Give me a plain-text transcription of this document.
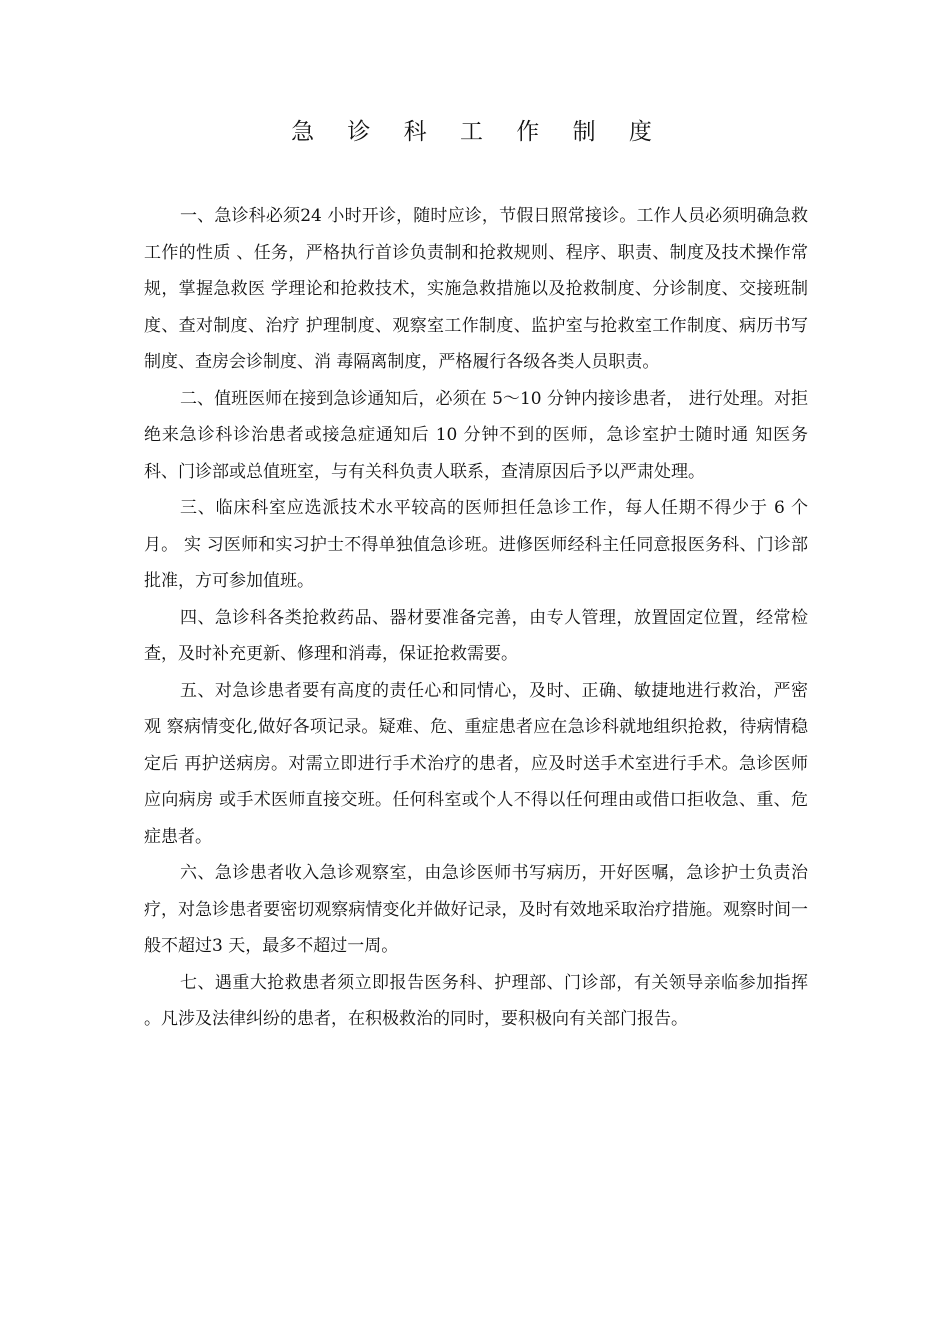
急 诊 科 工 作 制 度

一、急诊科必须24 小时开诊，随时应诊，节假日照常接诊。工作人员必须明确急救 工作的性质 、任务，严格执行首诊负责制和抢救规则、程序、职责、制度及技术操作常规，掌握急救医 学理论和抢救技术，实施急救措施以及抢救制度、分诊制度、交接班制度、查对制度、治疗 护理制度、观察室工作制度、监护室与抢救室工作制度、病历书写制度、查房会诊制度、消 毒隔离制度，严格履行各级各类人员职责。

二、值班医师在接到急诊通知后，必须在 5～10 分钟内接诊患者， 进行处理。对拒绝来急诊科诊治患者或接急症通知后 10 分钟不到的医师，急诊室护士随时通 知医务科、门诊部或总值班室，与有关科负责人联系，查清原因后予以严肃处理。

三、临床科室应选派技术水平较高的医师担任急诊工作，每人任期不得少于 6 个月。 实 习医师和实习护士不得单独值急诊班。进修医师经科主任同意报医务科、门诊部批准，方可参加值班。

四、急诊科各类抢救药品、器材要准备完善，由专人管理，放置固定位置，经常检 查，及时补充更新、修理和消毒，保证抢救需要。

五、对急诊患者要有高度的责任心和同情心，及时、正确、敏捷地进行救治，严密 观 察病情变化,做好各项记录。疑难、危、重症患者应在急诊科就地组织抢救，待病情稳定后 再护送病房。对需立即进行手术治疗的患者，应及时送手术室进行手术。急诊医师应向病房 或手术医师直接交班。任何科室或个人不得以任何理由或借口拒收急、重、危症患者。

六、急诊患者收入急诊观察室，由急诊医师书写病历，开好医嘱，急诊护士负责治 疗，对急诊患者要密切观察病情变化并做好记录，及时有效地采取治疗措施。观察时间一般不超过3 天，最多不超过一周。

七、遇重大抢救患者须立即报告医务科、护理部、门诊部，有关领导亲临参加指挥 。凡涉及法律纠纷的患者，在积极救治的同时，要积极向有关部门报告。
